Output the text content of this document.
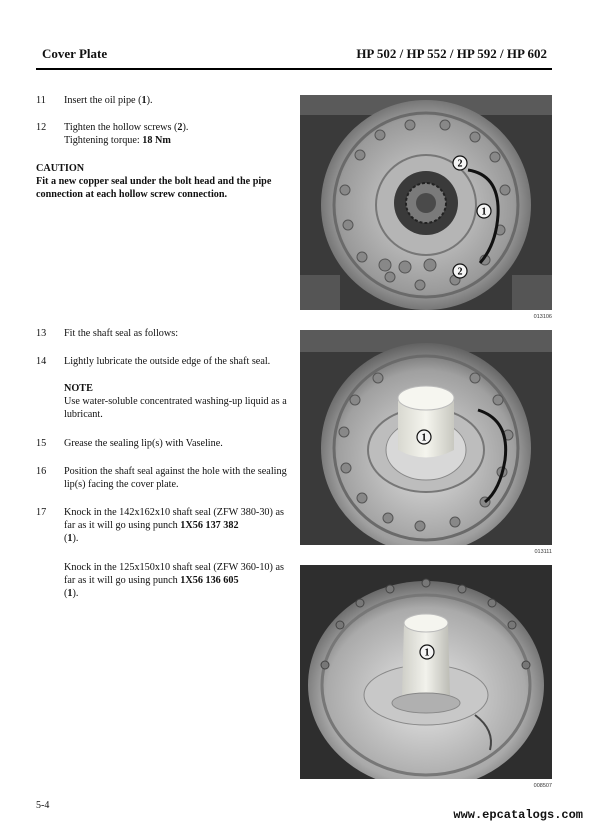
Cover Plate	HP 502 / HP 552 / HP 592 / HP 602
11 Insert the oil pipe (1).
12 Tighten the hollow screws (2).
Tightening torque: 18 Nm
CAUTION
Fit a new copper seal under the bolt head and the pipe connection at each hollow screw connection.
13 Fit the shaft seal as follows:
14 Lightly lubricate the outside edge of the shaft seal.
NOTE
Use water-soluble concentrated washing-up liquid as a lubricant.
15 Grease the sealing lip(s) with Vaseline.
16 Position the shaft seal against the hole with the sealing lip(s) facing the cover plate.
17 Knock in the 142x162x10 shaft seal (ZFW 380-30) as far as it will go using punch 1X56 137 382
(1).
Knock in the 125x150x10 shaft seal (ZFW 360-10) as far as it will go using punch 1X56 136 605
(1).
2
1
2
013106
1
013111
1
008507
5-4
www.epcatalogs.com
